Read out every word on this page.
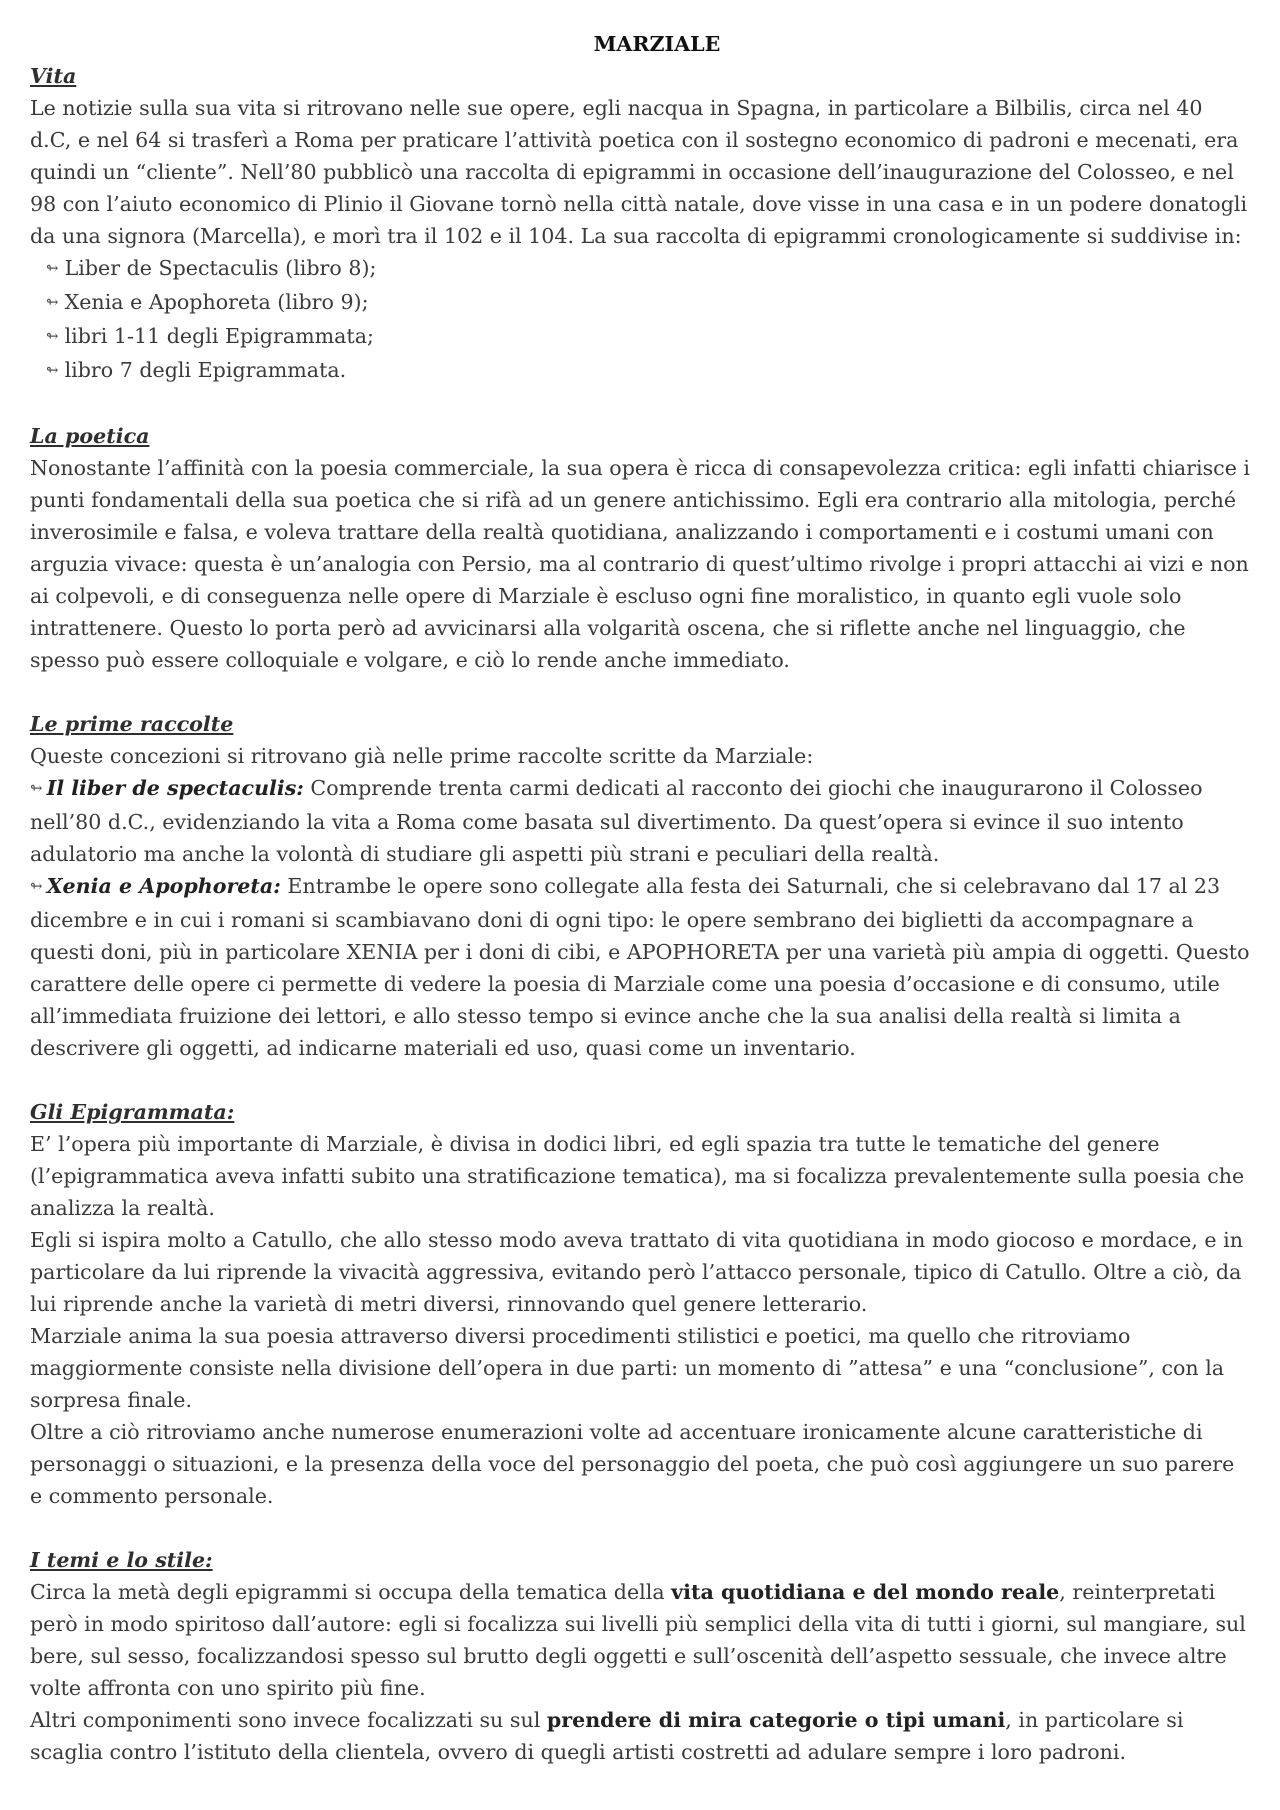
MARZIALE
Vita

Le notizie sulla sua vita si ritrovano nelle sue opere, egli nacqua in Spagna, in particolare a Bilbilis, circa nel 40 d.C, e nel 64 si trasferì a Roma per praticare l’attività poetica con il sostegno economico di padroni e mecenati, era quindi un “cliente”. Nell’80 pubblicò una raccolta di epigrammi in occasione dell’inaugurazione del Colosseo, e nel 98 con l’aiuto economico di Plinio il Giovane tornò nella città natale, dove visse in una casa e in un podere donatogli da una signora (Marcella), e morì tra il 102 e il 104. La sua raccolta di epigrammi cronologicamente si suddivise in:

↬ Liber de Spectaculis (libro 8);
↬ Xenia e Apophoreta (libro 9);
↬ libri 1-11 degli Epigrammata;
↬ libro 7 degli Epigrammata.
La poetica

Nonostante l’affinità con la poesia commerciale, la sua opera è ricca di consapevolezza critica: egli infatti chiarisce i punti fondamentali della sua poetica che si rifà ad un genere antichissimo. Egli era contrario alla mitologia, perché inverosimile e falsa, e voleva trattare della realtà quotidiana, analizzando i comportamenti e i costumi umani con arguzia vivace: questa è un’analogia con Persio, ma al contrario di quest’ultimo rivolge i propri attacchi ai vizi e non ai colpevoli, e di conseguenza nelle opere di Marziale è escluso ogni fine moralistico, in quanto egli vuole solo intrattenere. Questo lo porta però ad avvicinarsi alla volgarità oscena, che si riflette anche nel linguaggio, che spesso può essere colloquiale e volgare, e ciò lo rende anche immediato.

Le prime raccolte

Queste concezioni si ritrovano già nelle prime raccolte scritte da Marziale:

↬ Il liber de spectaculis: Comprende trenta carmi dedicati al racconto dei giochi che inaugurarono il Colosseo nell’80 d.C., evidenziando la vita a Roma come basata sul divertimento. Da quest’opera si evince il suo intento adulatorio ma anche la volontà di studiare gli aspetti più strani e peculiari della realtà.

↬ Xenia e Apophoreta: Entrambe le opere sono collegate alla festa dei Saturnali, che si celebravano dal 17 al 23 dicembre e in cui i romani si scambiavano doni di ogni tipo: le opere sembrano dei biglietti da accompagnare a questi doni, più in particolare XENIA per i doni di cibi, e APOPHORETA per una varietà più ampia di oggetti. Questo carattere delle opere ci permette di vedere la poesia di Marziale come una poesia d’occasione e di consumo, utile all’immediata fruizione dei lettori, e allo stesso tempo si evince anche che la sua analisi della realtà si limita a descrivere gli oggetti, ad indicarne materiali ed uso, quasi come un inventario.

Gli Epigrammata:

E’ l’opera più importante di Marziale, è divisa in dodici libri, ed egli spazia tra tutte le tematiche del genere (l’epigrammatica aveva infatti subito una stratificazione tematica), ma si focalizza prevalentemente sulla poesia che analizza la realtà.

Egli si ispira molto a Catullo, che allo stesso modo aveva trattato di vita quotidiana in modo giocoso e mordace, e in particolare da lui riprende la vivacità aggressiva, evitando però l’attacco personale, tipico di Catullo. Oltre a ciò, da lui riprende anche la varietà di metri diversi, rinnovando quel genere letterario.

Marziale anima la sua poesia attraverso diversi procedimenti stilistici e poetici, ma quello che ritroviamo maggiormente consiste nella divisione dell’opera in due parti: un momento di ”attesa” e una “conclusione”, con la sorpresa finale.

Oltre a ciò ritroviamo anche numerose enumerazioni volte ad accentuare ironicamente alcune caratteristiche di personaggi o situazioni, e la presenza della voce del personaggio del poeta, che può così aggiungere un suo parere e commento personale.

I temi e lo stile:

Circa la metà degli epigrammi si occupa della tematica della vita quotidiana e del mondo reale, reinterpretati però in modo spiritoso dall’autore: egli si focalizza sui livelli più semplici della vita di tutti i giorni, sul mangiare, sul bere, sul sesso, focalizzandosi spesso sul brutto degli oggetti e sull’oscenità dell’aspetto sessuale, che invece altre volte affronta con uno spirito più fine.

Altri componimenti sono invece focalizzati su sul prendere di mira categorie o tipi umani, in particolare si scaglia contro l’istituto della clientela, ovvero di quegli artisti costretti ad adulare sempre i loro padroni.
